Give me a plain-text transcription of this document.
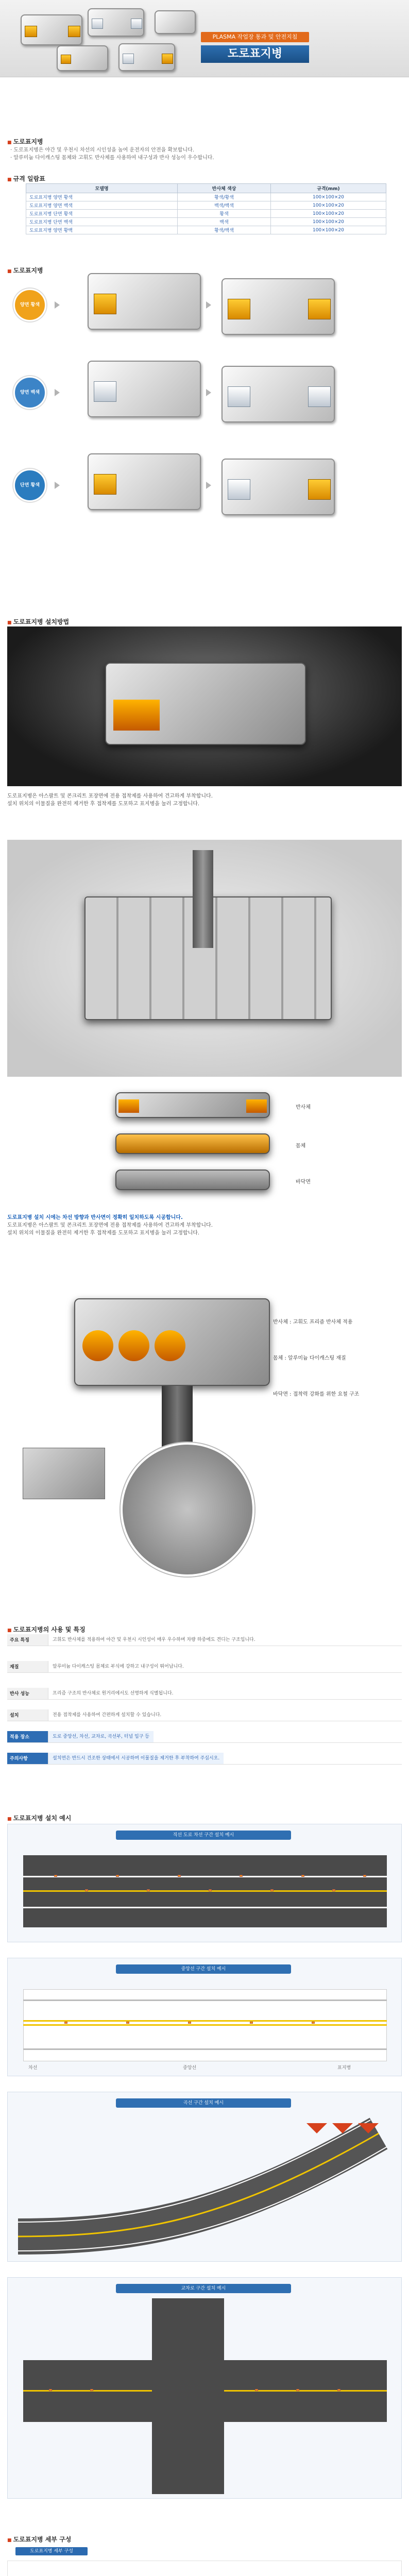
PLASMA 작업장 통과 및 안전지침
도로표지병
■ 도로표지병
· 도로표지병은 야간 및 우천시 차선의 시인성을 높여 운전자의 안전을 확보합니다.
· 알루미늄 다이캐스팅 몸체와 고휘도 반사체를 사용하여 내구성과 반사 성능이 우수합니다.
■ 규격 일람표
모델명	반사체 색상	규격(mm)
도로표지병 양면 황색	황색/황색	100×100×20
도로표지병 양면 백색	백색/백색	100×100×20
도로표지병 단면 황색	황색	100×100×20
도로표지병 단면 백색	백색	100×100×20
도로표지병 양면 황백	황색/백색	100×100×20
■ 도로표지병
양면 황색
양면 백색
단면 황색
■ 도로표지병 설치방법
도로표지병은 아스팔트 및 콘크리트 포장면에 전용 접착제를 사용하여 견고하게 부착합니다.
설치 위치의 이물질을 완전히 제거한 후 접착제를 도포하고 표지병을 눌러 고정합니다.
반사체
몸체
바닥면
도로표지병 설치 시에는 차선 방향과 반사면이 정확히 일치하도록 시공합니다.
도로표지병은 아스팔트 및 콘크리트 포장면에 전용 접착제를 사용하여 견고하게 부착합니다.
설치 위치의 이물질을 완전히 제거한 후 접착제를 도포하고 표지병을 눌러 고정합니다.
반사체 : 고휘도 프리즘 반사체 적용
몸체 : 알루미늄 다이캐스팅 재질
바닥면 : 접착력 강화를 위한 요철 구조
■ 도로표지병의 사용 및 특징
주요 특징	고휘도 반사체를 적용하여 야간 및 우천시 시인성이 매우 우수하며 차량 하중에도 견디는 구조입니다.
재질	알루미늄 다이캐스팅 몸체로 부식에 강하고 내구성이 뛰어납니다.
반사 성능	프리즘 구조의 반사체로 원거리에서도 선명하게 식별됩니다.
설치	전용 접착제를 사용하여 간편하게 설치할 수 있습니다.
적용 장소	도로 중앙선, 차선, 교차로, 곡선부, 터널 입구 등
주의사항	설치면은 반드시 건조한 상태에서 시공하며 이물질을 제거한 후 부착하여 주십시오.
■ 도로표지병 설치 예시
직선 도로 차선 구간 설치 예시
중앙선 구간 설치 예시
차선	중앙선	표지병
곡선 구간 설치 예시
교차로 구간 설치 예시
■ 도로표지병 세부 구성
도로표지병 세부 구성
